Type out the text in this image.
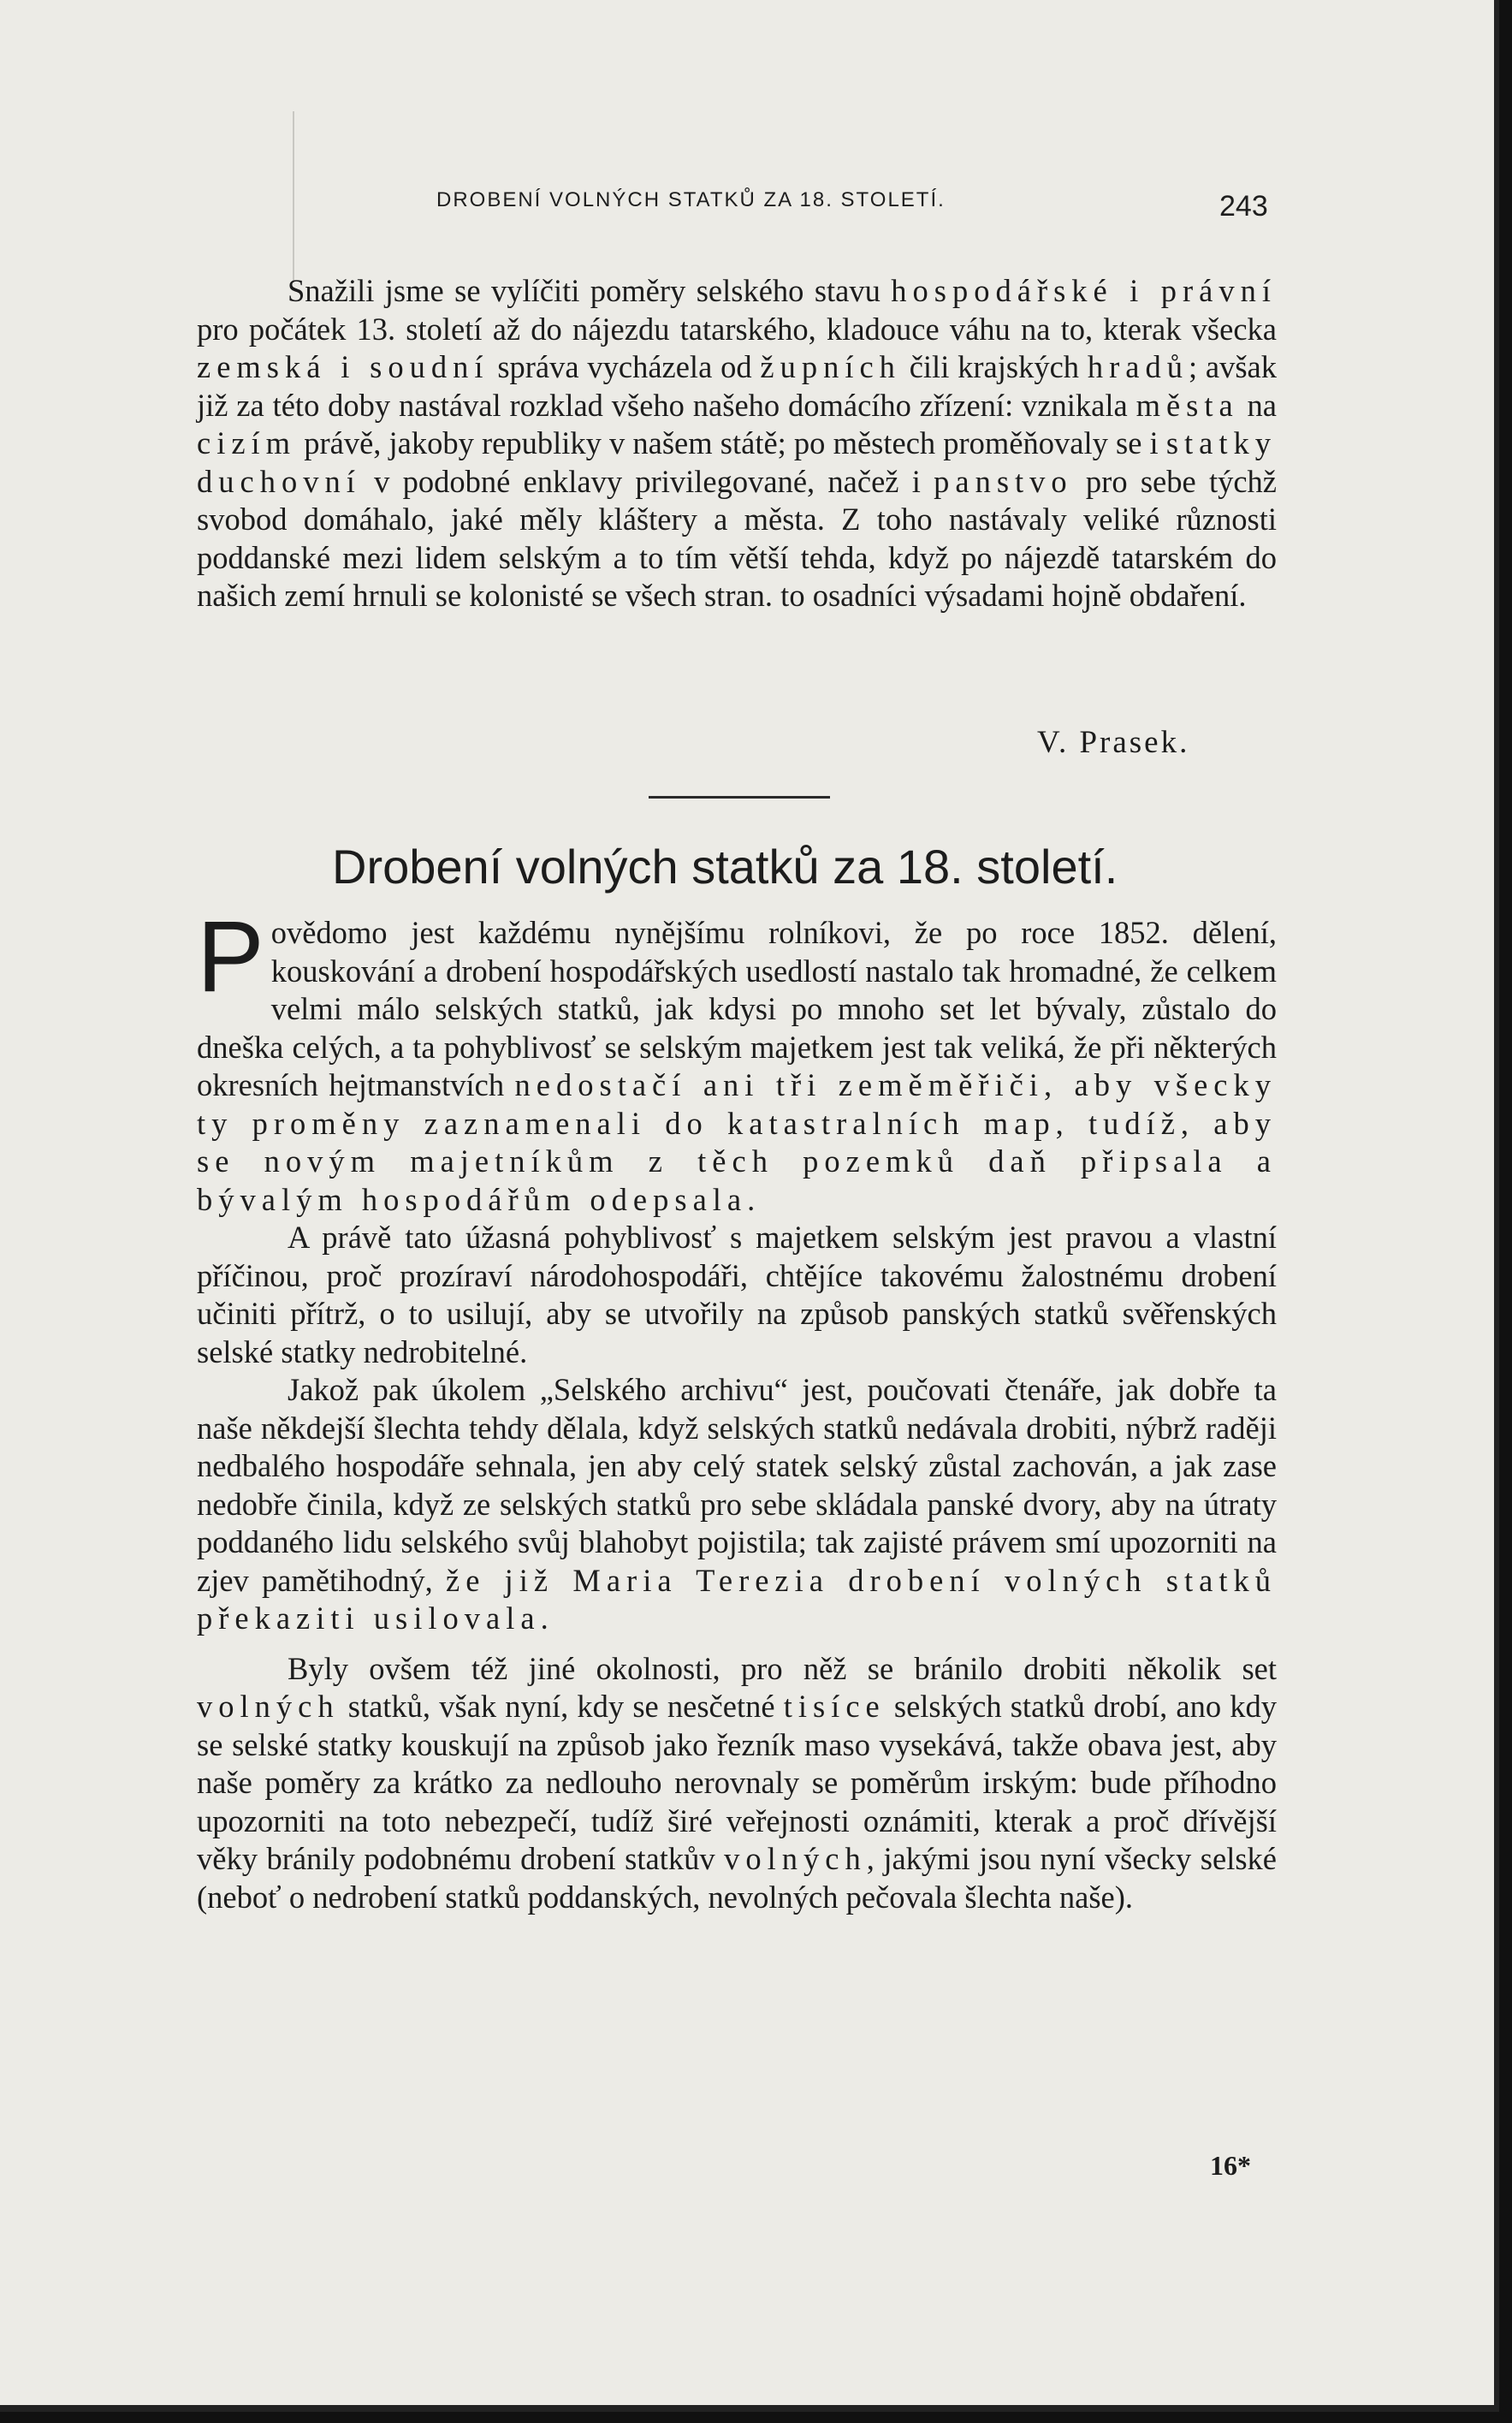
DROBENÍ VOLNÝCH STATKŮ ZA 18. STOLETÍ.	243

Snažili jsme se vylíčiti poměry selského stavu hospodářské i právní pro počátek 13. století až do nájezdu tatarského, kladouce váhu na to, kterak všecka zemská i soudní správa vycházela od župních čili krajských hradů; avšak již za této doby nastával rozklad všeho našeho domácího zřízení: vznikala města na cizím právě, jakoby republiky v našem státě; po městech proměňovaly se i statky duchovní v podobné enklavy privilegované, načež i panstvo pro sebe týchž svobod domáhalo, jaké měly kláštery a města. Z toho nastávaly veliké různosti poddanské mezi lidem selským a to tím větší tehda, když po nájezdě tatarském do našich zemí hrnuli se kolonisté se všech stran. to osadníci výsadami hojně obdaření.

V. Prasek.
Drobení volných statků za 18. století.

Povědomo jest každému nynějšímu rolníkovi, že po roce 1852. dělení, kouskování a drobení hospodářských usedlostí nastalo tak hromadné, že celkem velmi málo selských statků, jak kdysi po mnoho set let bývaly, zůstalo do dneška celých, a ta pohyblivosť se selským majetkem jest tak veliká, že při některých okresních hejtmanstvích nedostačí ani tři zeměměřiči, aby všecky ty proměny zaznamenali do katastralních map, tudíž, aby se novým majetníkům z těch pozemků daň připsala a bývalým hospodářům odepsala.

A právě tato úžasná pohyblivosť s majetkem selským jest pravou a vlastní příčinou, proč prozíraví národohospodáři, chtějíce takovému žalostnému drobení učiniti přítrž, o to usilují, aby se utvořily na způsob panských statků svěřenských selské statky nedrobitelné.

Jakož pak úkolem „Selského archivu“ jest, poučovati čtenáře, jak dobře ta naše někdejší šlechta tehdy dělala, když selských statků nedávala drobiti, nýbrž raději nedbalého hospodáře sehnala, jen aby celý statek selský zůstal zachován, a jak zase nedobře činila, když ze selských statků pro sebe skládala panské dvory, aby na útraty poddaného lidu selského svůj blahobyt pojistila; tak zajisté právem smí upozorniti na zjev pamětihodný, že již Maria Terezia drobení volných statků překaziti usilovala.

Byly ovšem též jiné okolnosti, pro něž se bránilo drobiti několik set volných statků, však nyní, kdy se nesčetné tisíce selských statků drobí, ano kdy se selské statky kouskují na způsob jako řezník maso vysekává, takže obava jest, aby naše poměry za krátko za nedlouho nerovnaly se poměrům irským: bude příhodno upozorniti na toto nebezpečí, tudíž širé veřejnosti oznámiti, kterak a proč dřívější věky bránily podobnému drobení statkův volných, jakými jsou nyní všecky selské (neboť o nedrobení statků poddanských, nevolných pečovala šlechta naše).

16*
